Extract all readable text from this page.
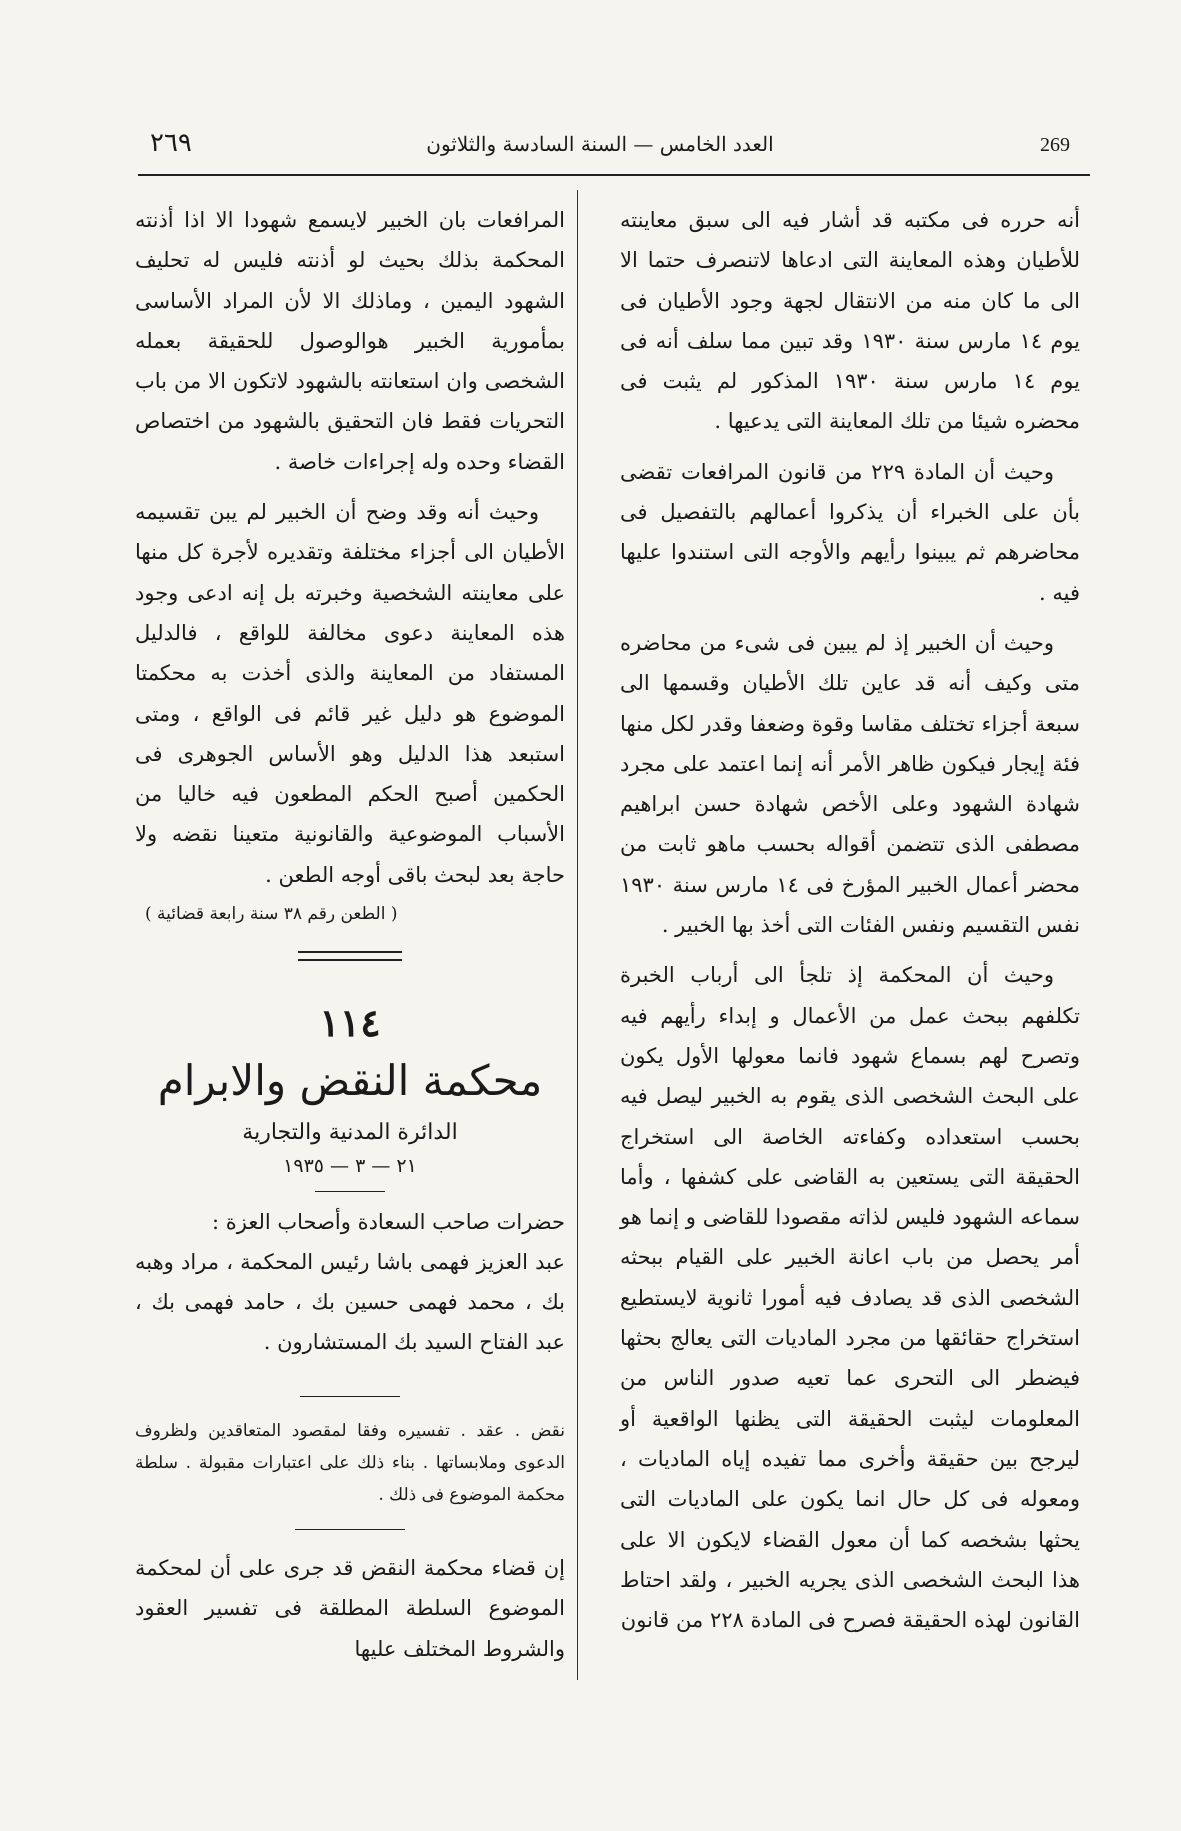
269
العدد الخامس — السنة السادسة والثلاثون
٢٦٩

أنه حرره فى مكتبه قد أشار فيه الى سبق معاينته للأطيان وهذه المعاينة التى ادعاها لاتنصرف حتما الا الى ما كان منه من الانتقال لجهة وجود الأطيان فى يوم ١٤ مارس سنة ١٩٣٠ وقد تبين مما سلف أنه فى يوم ١٤ مارس سنة ١٩٣٠ المذكور لم يثبت فى محضره شيئا من تلك المعاينة التى يدعيها .

وحيث أن المادة ٢٢٩ من قانون المرافعات تقضى بأن على الخبراء أن يذكروا أعمالهم بالتفصيل فى محاضرهم ثم يبينوا رأيهم والأوجه التى استندوا عليها فيه .

وحيث أن الخبير إذ لم يبين فى شىء من محاضره متى وكيف أنه قد عاين تلك الأطيان وقسمها الى سبعة أجزاء تختلف مقاسا وقوة وضعفا وقدر لكل منها فئة إيجار فيكون ظاهر الأمر أنه إنما اعتمد على مجرد شهادة الشهود وعلى الأخص شهادة حسن ابراهيم مصطفى الذى تتضمن أقواله بحسب ماهو ثابت من محضر أعمال الخبير المؤرخ فى ١٤ مارس سنة ١٩٣٠ نفس التقسيم ونفس الفئات التى أخذ بها الخبير .

وحيث أن المحكمة إذ تلجأ الى أرباب الخبرة تكلفهم ببحث عمل من الأعمال و إبداء رأيهم فيه وتصرح لهم بسماع شهود فانما معولها الأول يكون على البحث الشخصى الذى يقوم به الخبير ليصل فيه بحسب استعداده وكفاءته الخاصة الى استخراج الحقيقة التى يستعين به القاضى على كشفها ، وأما سماعه الشهود فليس لذاته مقصودا للقاضى و إنما هو أمر يحصل من باب اعانة الخبير على القيام ببحثه الشخصى الذى قد يصادف فيه أمورا ثانوية لايستطيع استخراج حقائقها من مجرد الماديات التى يعالج بحثها فيضطر الى التحرى عما تعيه صدور الناس من المعلومات ليثبت الحقيقة التى يظنها الواقعية أو ليرجح بين حقيقة وأخرى مما تفيده إياه الماديات ، ومعوله فى كل حال انما يكون على الماديات التى يحثها بشخصه كما أن معول القضاء لايكون الا على هذا البحث الشخصى الذى يجريه الخبير ، ولقد احتاط القانون لهذه الحقيقة فصرح فى المادة ٢٢٨ من قانون

المرافعات بان الخبير لايسمع شهودا الا اذا أذنته المحكمة بذلك بحيث لو أذنته فليس له تحليف الشهود اليمين ، وماذلك الا لأن المراد الأساسى بمأمورية الخبير هوالوصول للحقيقة بعمله الشخصى وان استعانته بالشهود لاتكون الا من باب التحريات فقط فان التحقيق بالشهود من اختصاص القضاء وحده وله إجراءات خاصة .

وحيث أنه وقد وضح أن الخبير لم يبن تقسيمه الأطيان الى أجزاء مختلفة وتقديره لأجرة كل منها على معاينته الشخصية وخبرته بل إنه ادعى وجود هذه المعاينة دعوى مخالفة للواقع ، فالدليل المستفاد من المعاينة والذى أخذت به محكمتا الموضوع هو دليل غير قائم فى الواقع ، ومتى استبعد هذا الدليل وهو الأساس الجوهرى فى الحكمين أصبح الحكم المطعون فيه خاليا من الأسباب الموضوعية والقانونية متعينا نقضه ولا حاجة بعد لبحث باقى أوجه الطعن .

( الطعن رقم ٣٨ سنة رابعة قضائية )
١١٤
محكمة النقض والابرام
الدائرة المدنية والتجارية
٢١ — ٣ — ١٩٣٥

حضرات صاحب السعادة وأصحاب العزة :

عبد العزيز فهمى باشا رئيس المحكمة ، مراد وهبه بك ، محمد فهمى حسين بك ، حامد فهمى بك ، عبد الفتاح السيد بك المستشارون .

نقض . عقد . تفسيره وفقا لمقصود المتعاقدين ولظروف الدعوى وملابساتها . بناء ذلك على اعتبارات مقبولة . سلطة محكمة الموضوع فى ذلك .

إن قضاء محكمة النقض قد جرى على أن لمحكمة الموضوع السلطة المطلقة فى تفسير العقود والشروط المختلف عليها
